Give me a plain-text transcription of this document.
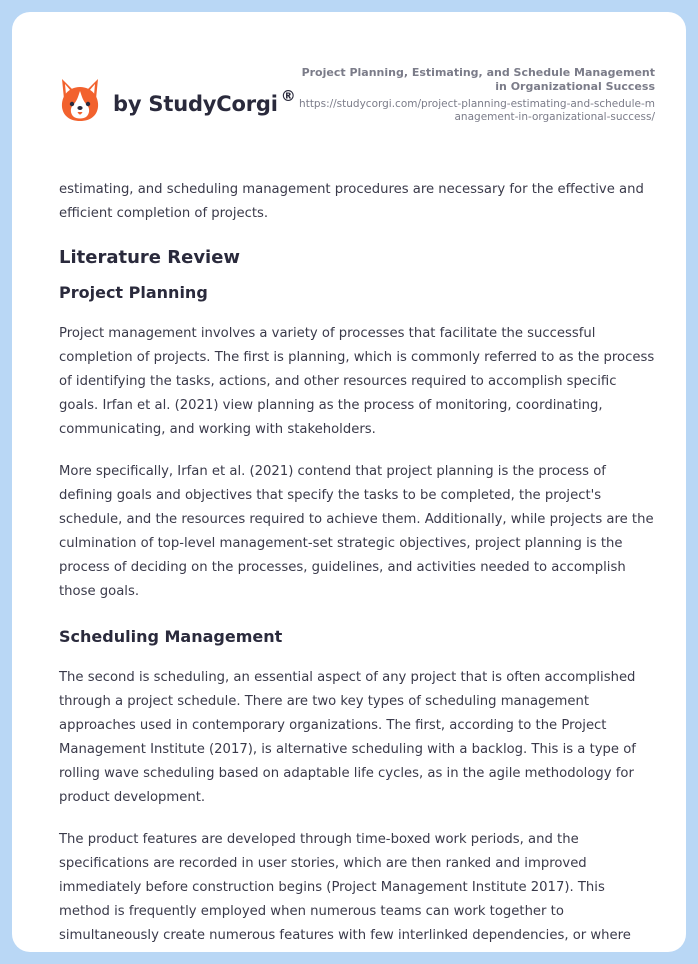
by StudyCorgi ®

Project Planning, Estimating, and Schedule Management in Organizational Success

https://studycorgi.com/project-planning-estimating-and-schedule-management-in-organizational-success/

estimating, and scheduling management procedures are necessary for the effective and efficient completion of projects.

Literature Review
Project Planning

Project management involves a variety of processes that facilitate the successful completion of projects. The first is planning, which is commonly referred to as the process of identifying the tasks, actions, and other resources required to accomplish specific goals. Irfan et al. (2021) view planning as the process of monitoring, coordinating, communicating, and working with stakeholders.

More specifically, Irfan et al. (2021) contend that project planning is the process of defining goals and objectives that specify the tasks to be completed, the project's schedule, and the resources required to achieve them. Additionally, while projects are the culmination of top-level management-set strategic objectives, project planning is the process of deciding on the processes, guidelines, and activities needed to accomplish those goals.

Scheduling Management

The second is scheduling, an essential aspect of any project that is often accomplished through a project schedule. There are two key types of scheduling management approaches used in contemporary organizations. The first, according to the Project Management Institute (2017), is alternative scheduling with a backlog. This is a type of rolling wave scheduling based on adaptable life cycles, as in the agile methodology for product development.

The product features are developed through time-boxed work periods, and the specifications are recorded in user stories, which are then ranked and improved immediately before construction begins (Project Management Institute 2017). This method is frequently employed when numerous teams can work together to simultaneously create numerous features with few interlinked dependencies, or where
